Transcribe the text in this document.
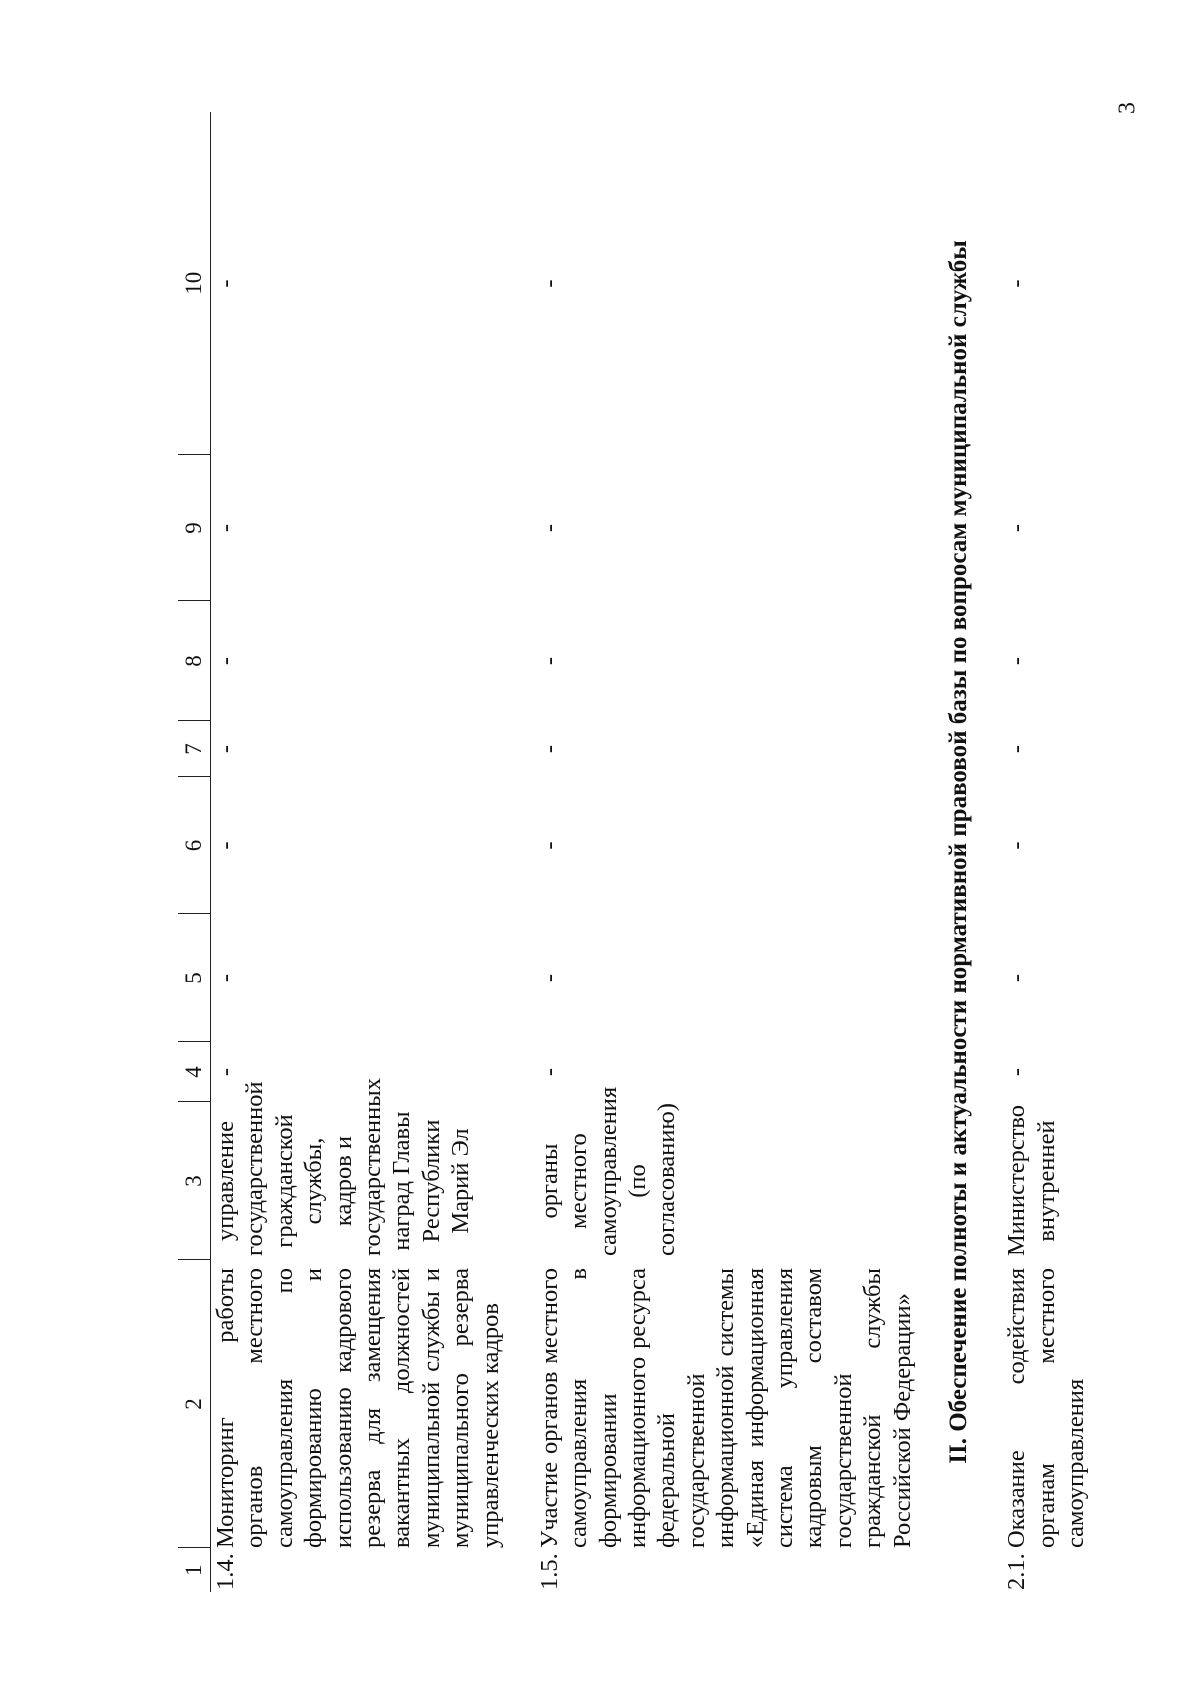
3
1	2	3	4	5	6	7	8	9	10
1.4.	Мониторинг работы органов местного самоуправления по формированию и использованию кадрового резерва для замещения вакантных должностей муниципальной службы и муниципального резерва управленческих кадров	управление государственной гражданской службы, кадров и государственных наград Главы Республики Марий Эл	-	-	-	-	-	-	-

1.5.	Участие органов местного самоуправления в формировании информационного ресурса федеральной государственной информационной системы «Единая информационная система управления кадровым составом государственной гражданской службы Российской Федерации»	органы местного самоуправления (по согласованию)	-	-	-	-	-	-	-
II. Обеспечение полноты и актуальности нормативной правовой базы по вопросам муниципальной службы									
2.1.	Оказание содействия органам местного самоуправления	Министерство внутренней	-	-	-	-	-	-	-
